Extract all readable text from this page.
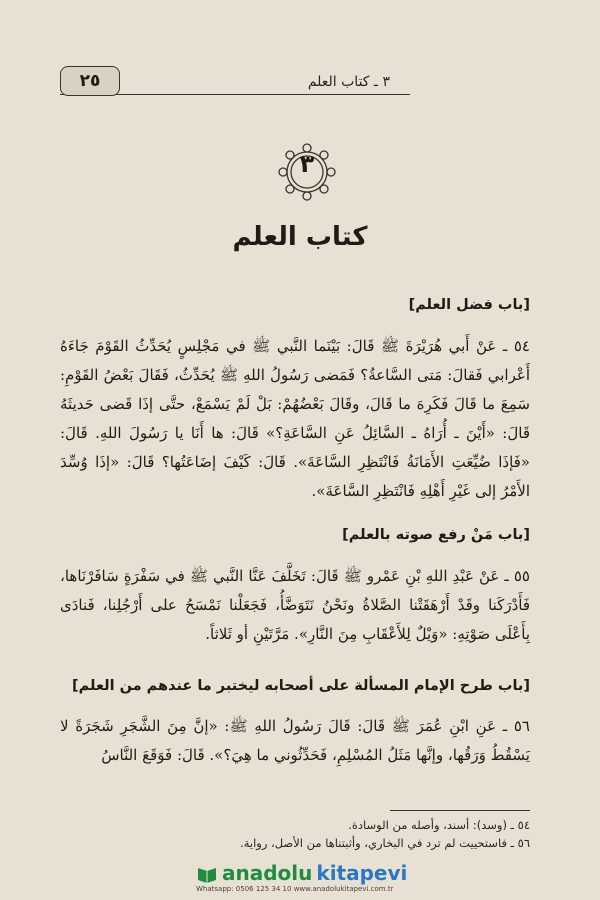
٣ ـ كتاب العلم
٢٥
٣
كتاب العلم
[باب فضل العلم]
٥٤ ـ عَنْ أَبي هُرَيْرَةَ ﷺ قَالَ: بَيْنَما النَّبي ﷺ في مَجْلِسٍ يُحَدِّثُ القَوْمَ جَاءَهُ أَعْرابي فَقالَ: مَتى السَّاعةُ؟ فَمَضى رَسُولُ اللهِ ﷺ يُحَدِّثُ، فَقَالَ بَعْضُ القَوْمِ: سَمِعَ ما قَالَ فَكَرِهَ ما قَالَ، وقَالَ بَعْضُهُمْ: بَلْ لَمْ يَسْمَعْ، حتَّى إذَا قَضى حَديثَهُ قَالَ: «أَيْنَ ـ أُرَاهُ ـ السَّائِلُ عَنِ السَّاعَةِ؟» قَالَ: ها أَنَا يا رَسُولَ اللهِ. قَالَ: «فَإذَا ضُيِّعَتِ الأَمَانَةُ فَانْتَظِرِ السَّاعَةَ». قَالَ: كَيْفَ إضَاعَتُها؟ قَالَ: «إذَا وُسِّدَ الأَمْرُ إلى غَيْرِ أَهْلِهِ فَانْتَظِرِ السَّاعَةَ».
[باب مَنْ رفع صوته بالعلم]
٥٥ ـ عَنْ عَبْدِ اللهِ بْنِ عَمْرو ﷺ قَالَ: تَخَلَّفَ عَنَّا النَّبي ﷺ في سَفْرَةٍ سَافَرْنَاها، فَأَدْرَكَنا وقَدْ أَرْهَقَتْنا الصَّلاةُ ونَحْنُ نَتَوَضَّأُ، فَجَعَلْنا نَمْسَحُ على أَرْجُلِنا، فَنادَى بِأَعْلَى صَوْتِهِ: «وَيْلٌ لِلأَعْقَابِ مِنَ النَّارِ». مَرَّتَيْنِ أو ثَلاثاً.
[باب طرح الإمام المسألة على أصحابه ليختبر ما عندهم من العلم]
٥٦ ـ عَنِ ابْنِ عُمَرَ ﷺ قَالَ: قَالَ رَسُولُ اللهِ ﷺ: «إنَّ مِنَ الشَّجَرِ شَجَرَةً لا يَسْقُطُ وَرَقُها، وإنَّها مَثَلُ المُسْلِمِ، فَحَدِّثُوني ما هِيَ؟». قَالَ: فَوَقَعَ النَّاسُ
٥٤ ـ (وسد): أسند، وأصله من الوسادة.
٥٦ ـ فاستحييت لم ترد في البخاري، وأثبتناها من الأصل، رواية.
anadolu kitapevi
Whatsapp: 0506 125 34 10 www.anadolukitapevi.com.tr
